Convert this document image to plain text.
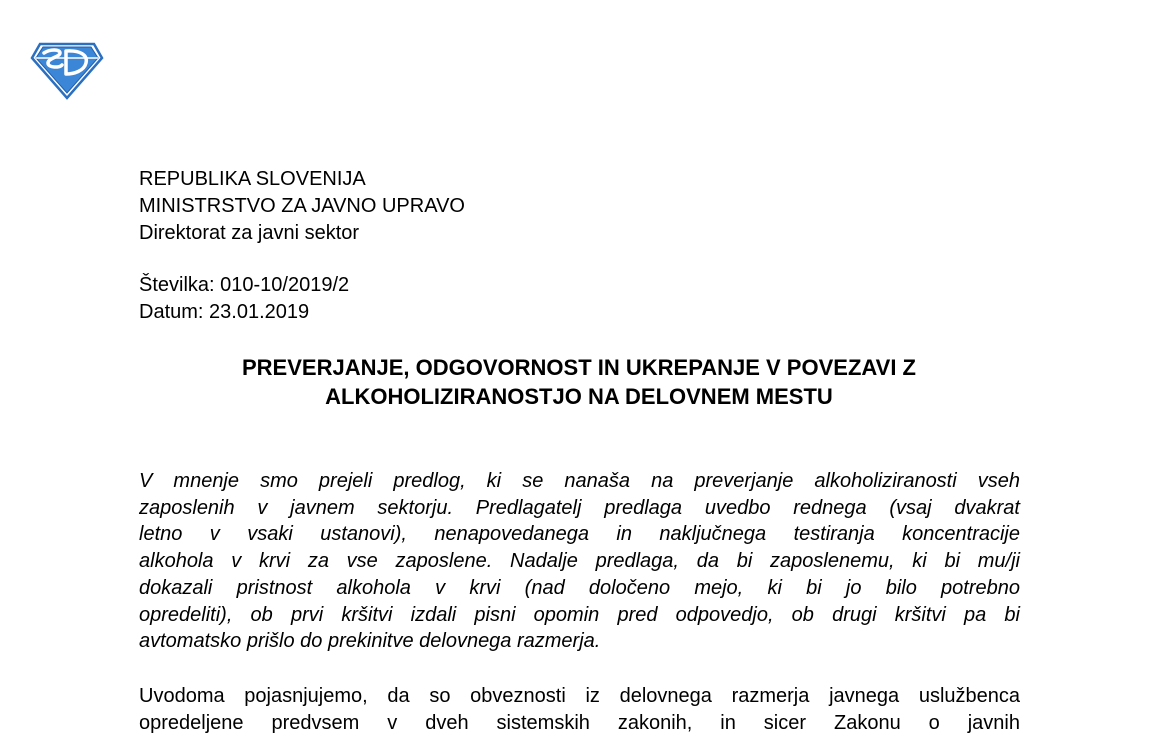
SD
REPUBLIKA SLOVENIJA
MINISTRSTVO ZA JAVNO UPRAVO
Direktorat za javni sektor
Številka: 010-10/2019/2
Datum: 23.01.2019
PREVERJANJE, ODGOVORNOST IN UKREPANJE V POVEZAVI Z
ALKOHOLIZIRANOSTJO NA DELOVNEM MESTU
V mnenje smo prejeli predlog, ki se nanaša na preverjanje alkoholiziranosti vseh
zaposlenih v javnem sektorju. Predlagatelj predlaga uvedbo rednega (vsaj dvakrat
letno v vsaki ustanovi), nenapovedanega in naključnega testiranja koncentracije
alkohola v krvi za vse zaposlene. Nadalje predlaga, da bi zaposlenemu, ki bi mu/ji
dokazali pristnost alkohola v krvi (nad določeno mejo, ki bi jo bilo potrebno
opredeliti), ob prvi kršitvi izdali pisni opomin pred odpovedjo, ob drugi kršitvi pa bi
avtomatsko prišlo do prekinitve delovnega razmerja.
Uvodoma pojasnjujemo, da so obveznosti iz delovnega razmerja javnega uslužbenca
opredeljene predvsem v dveh sistemskih zakonih, in sicer Zakonu o javnih
